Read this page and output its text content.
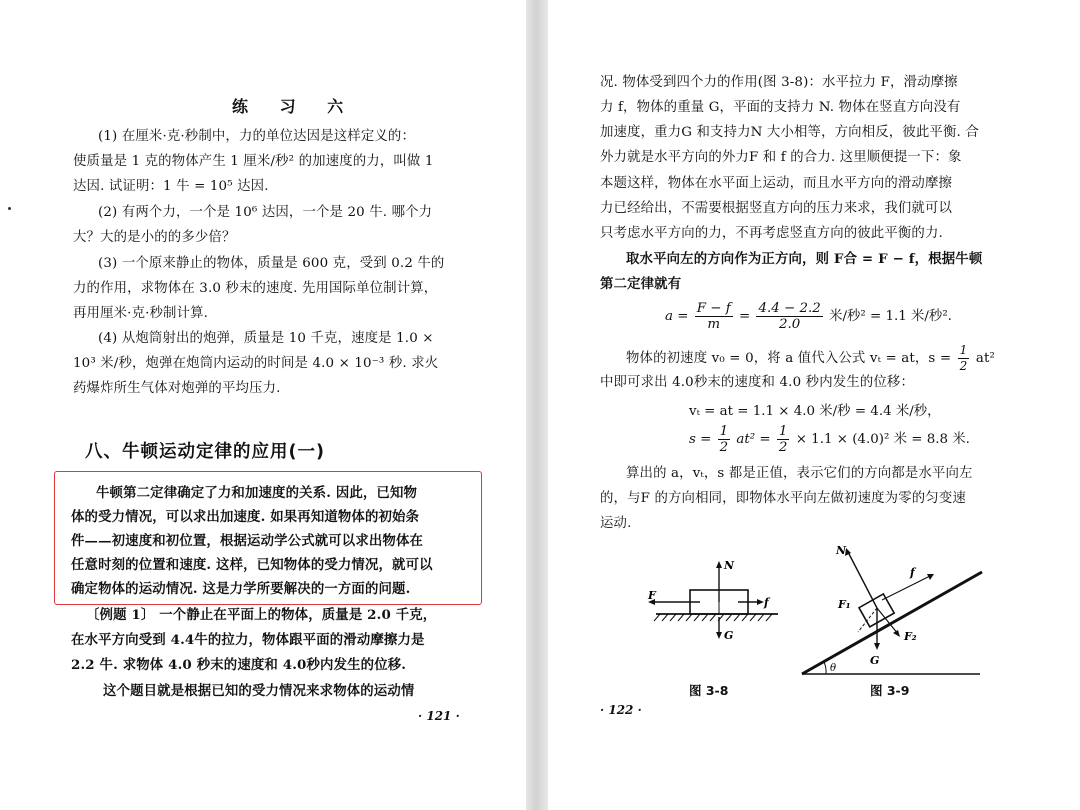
练 习 六
(1) 在厘米·克·秒制中，力的单位达因是这样定义的：
使质量是 1 克的物体产生 1 厘米/秒² 的加速度的力，叫做 1
达因. 试证明：1 牛 = 10⁵ 达因.
(2) 有两个力，一个是 10⁶ 达因，一个是 20 牛. 哪个力
大？大的是小的的多少倍？
(3) 一个原来静止的物体，质量是 600 克，受到 0.2 牛的
力的作用，求物体在 3.0 秒末的速度. 先用国际单位制计算，
再用厘米·克·秒制计算.
(4) 从炮筒射出的炮弹，质量是 10 千克，速度是 1.0 ×
10³ 米/秒，炮弹在炮筒内运动的时间是 4.0 × 10⁻³ 秒. 求火
药爆炸所生气体对炮弹的平均压力.
八、牛顿运动定律的应用(一)
牛顿第二定律确定了力和加速度的关系. 因此，已知物
体的受力情况，可以求出加速度. 如果再知道物体的初始条
件——初速度和初位置，根据运动学公式就可以求出物体在
任意时刻的位置和速度. 这样，已知物体的受力情况，就可以
确定物体的运动情况. 这是力学所要解决的一方面的问题.
〔例题 1〕 一个静止在平面上的物体，质量是 2.0 千克，
在水平方向受到 4.4牛的拉力，物体跟平面的滑动摩擦力是
2.2 牛. 求物体 4.0 秒末的速度和 4.0秒内发生的位移.
这个题目就是根据已知的受力情况来求物体的运动情
· 121 ·
况. 物体受到四个力的作用(图 3-8)：水平拉力 F，滑动摩擦
力 f，物体的重量 G，平面的支持力 N. 物体在竖直方向没有
加速度，重力G 和支持力N 大小相等，方向相反，彼此平衡. 合
外力就是水平方向的外力F 和 f 的合力. 这里顺便提一下：象
本题这样，物体在水平面上运动，而且水平方向的滑动摩擦
力已经给出，不需要根据竖直方向的压力来求，我们就可以
只考虑水平方向的力，不再考虑竖直方向的彼此平衡的力.
取水平向左的方向作为正方向，则 F合 = F − f，根据牛顿
第二定律就有
$a = \frac{F - f}{m} = \frac{4.4 - 2.2}{2.0}$ 米/秒² = 1.1 米/秒².
物体的初速度 v₀ = 0，将 a 值代入公式 vₜ = at，$s = \frac{1}{2} at^2$
中即可求出 4.0秒末的速度和 4.0 秒内发生的位移：
vₜ = at = 1.1 × 4.0 米/秒 = 4.4 米/秒，
$s = \frac{1}{2} at^2 = \frac{1}{2} \times 1.1 \times (4.0)^2$ 米 = 8.8 米.
算出的 a，vₜ，s 都是正值，表示它们的方向都是水平向左
的，与F 的方向相同，即物体水平向左做初速度为零的匀变速
运动.
N
F
f
G
图 3-8
N
f
F₁
F₂
G
θ
图 3-9
· 122 ·
